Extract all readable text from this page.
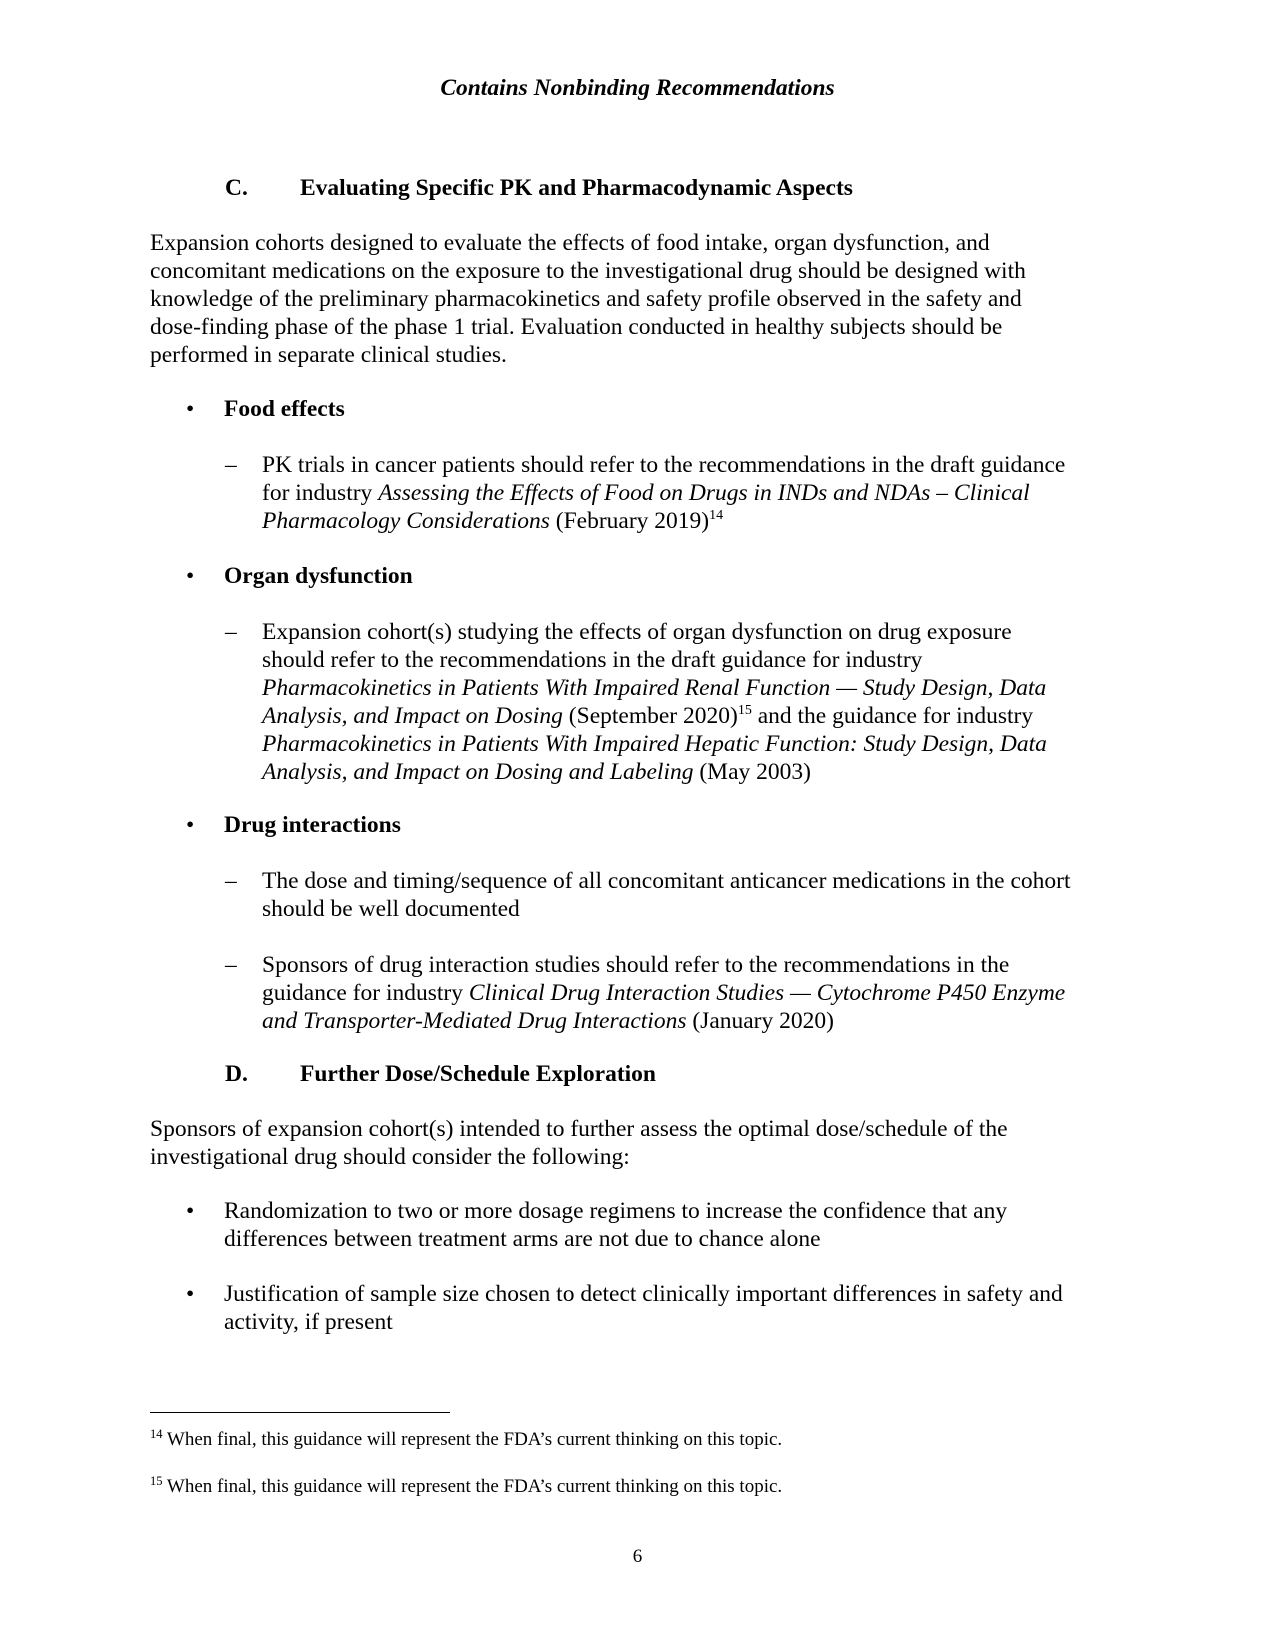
Contains Nonbinding Recommendations
C. Evaluating Specific PK and Pharmacodynamic Aspects
Expansion cohorts designed to evaluate the effects of food intake, organ dysfunction, and
concomitant medications on the exposure to the investigational drug should be designed with
knowledge of the preliminary pharmacokinetics and safety profile observed in the safety and
dose-finding phase of the phase 1 trial. Evaluation conducted in healthy subjects should be
performed in separate clinical studies.
• Food effects
– PK trials in cancer patients should refer to the recommendations in the draft guidance
for industry Assessing the Effects of Food on Drugs in INDs and NDAs – Clinical
Pharmacology Considerations (February 2019)$^{14}$
• Organ dysfunction
– Expansion cohort(s) studying the effects of organ dysfunction on drug exposure
should refer to the recommendations in the draft guidance for industry
Pharmacokinetics in Patients With Impaired Renal Function — Study Design, Data
Analysis, and Impact on Dosing (September 2020)$^{15}$ and the guidance for industry
Pharmacokinetics in Patients With Impaired Hepatic Function: Study Design, Data
Analysis, and Impact on Dosing and Labeling (May 2003)
• Drug interactions
– The dose and timing/sequence of all concomitant anticancer medications in the cohort
should be well documented
– Sponsors of drug interaction studies should refer to the recommendations in the
guidance for industry Clinical Drug Interaction Studies — Cytochrome P450 Enzyme
and Transporter-Mediated Drug Interactions (January 2020)
D. Further Dose/Schedule Exploration
Sponsors of expansion cohort(s) intended to further assess the optimal dose/schedule of the
investigational drug should consider the following:
• Randomization to two or more dosage regimens to increase the confidence that any
differences between treatment arms are not due to chance alone
• Justification of sample size chosen to detect clinically important differences in safety and
activity, if present
$^{14}$ When final, this guidance will represent the FDA’s current thinking on this topic.
$^{15}$ When final, this guidance will represent the FDA’s current thinking on this topic.
6
